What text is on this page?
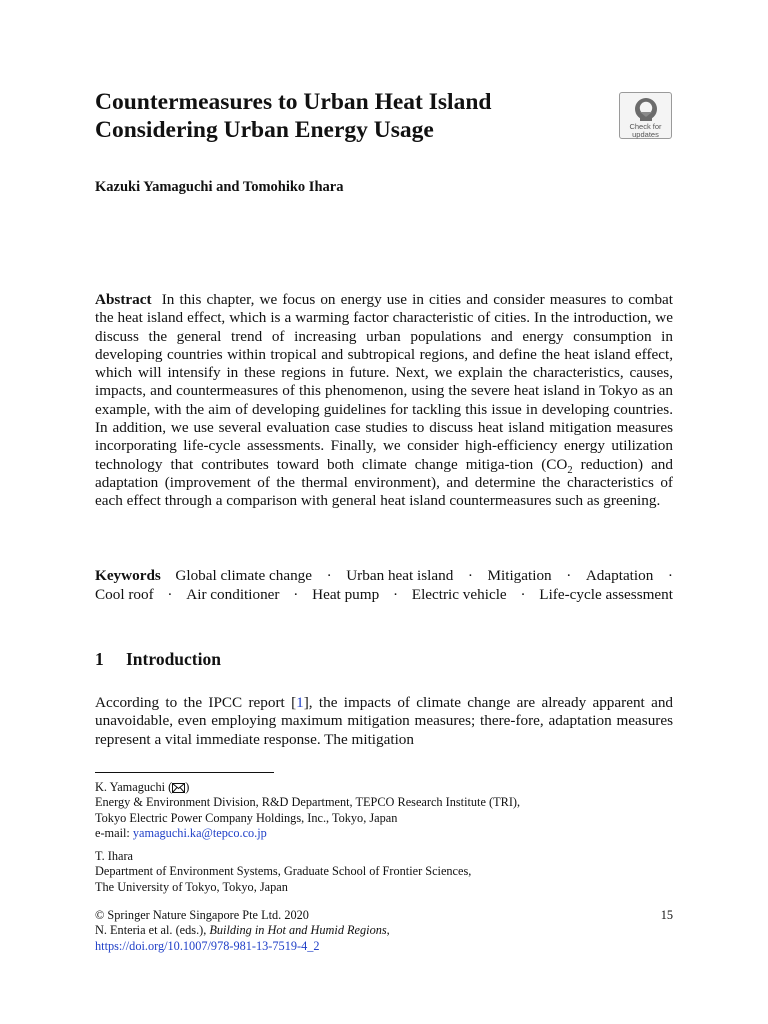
Countermeasures to Urban Heat Island
Considering Urban Energy Usage	Check for
updates
Kazuki Yamaguchi and Tomohiko Ihara

Abstract In this chapter, we focus on energy use in cities and consider measures to combat the heat island effect, which is a warming factor characteristic of cities. In the introduction, we discuss the general trend of increasing urban populations and energy consumption in developing countries within tropical and subtropical regions, and define the heat island effect, which will intensify in these regions in future. Next, we explain the characteristics, causes, impacts, and countermeasures of this phenomenon, using the severe heat island in Tokyo as an example, with the aim of developing guidelines for tackling this issue in developing countries. In addition, we use several evaluation case studies to discuss heat island mitigation measures incorporating life-cycle assessments. Finally, we consider high-efficiency energy utilization technology that contributes toward both climate change mitiga-tion ($CO_2$ reduction) and adaptation (improvement of the thermal environment), and determine the characteristics of each effect through a comparison with general heat island countermeasures such as greening.

Keywords Global climate change · Urban heat island · Mitigation · Adaptation ·
Cool roof · Air conditioner · Heat pump · Electric vehicle · Life-cycle assessment
1 Introduction

According to the IPCC report [1], the impacts of climate change are already apparent and unavoidable, even employing maximum mitigation measures; there-fore, adaptation measures represent a vital immediate response. The mitigation

K. Yamaguchi ( )
Energy & Environment Division, R&D Department, TEPCO Research Institute (TRI),
Tokyo Electric Power Company Holdings, Inc., Tokyo, Japan
e-mail: yamaguchi.ka@tepco.co.jp
T. Ihara
Department of Environment Systems, Graduate School of Frontier Sciences,
The University of Tokyo, Tokyo, Japan
© Springer Nature Singapore Pte Ltd. 2020	15
N. Enteria et al. (eds.), Building in Hot and Humid Regions,
https://doi.org/10.1007/978-981-13-7519-4_2
